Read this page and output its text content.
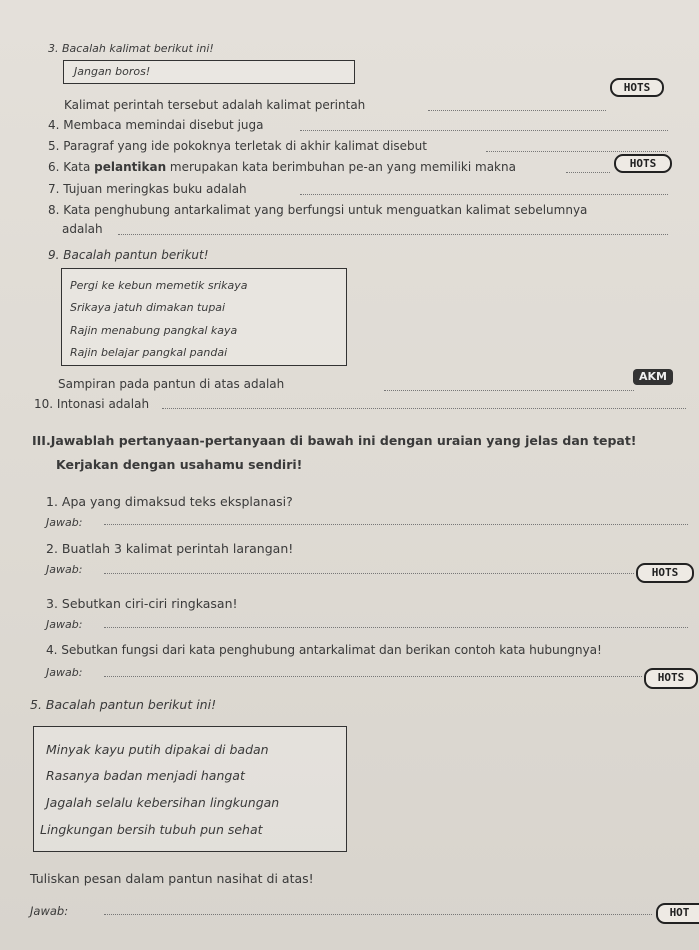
3. Bacalah kalimat berikut ini!
Jangan boros!
HOTS
Kalimat perintah tersebut adalah kalimat perintah
4. Membaca memindai disebut juga
5. Paragraf yang ide pokoknya terletak di akhir kalimat disebut
6. Kata pelantikan merupakan kata berimbuhan pe-an yang memiliki makna	HOTS
7. Tujuan meringkas buku adalah
8. Kata penghubung antarkalimat yang berfungsi untuk menguatkan kalimat sebelumnya
adalah
9. Bacalah pantun berikut!
Pergi ke kebun memetik srikaya
Srikaya jatuh dimakan tupai
Rajin menabung pangkal kaya
Rajin belajar pangkal pandai
AKM
Sampiran pada pantun di atas adalah
10. Intonasi adalah
III.Jawablah pertanyaan-pertanyaan di bawah ini dengan uraian yang jelas dan tepat!
Kerjakan dengan usahamu sendiri!
1. Apa yang dimaksud teks eksplanasi?
Jawab:
2. Buatlah 3 kalimat perintah larangan!
Jawab:	HOTS
3. Sebutkan ciri-ciri ringkasan!
Jawab:
4. Sebutkan fungsi dari kata penghubung antarkalimat dan berikan contoh kata hubungnya!
Jawab:	HOTS
5. Bacalah pantun berikut ini!
Minyak kayu putih dipakai di badan
Rasanya badan menjadi hangat
Jagalah selalu kebersihan lingkungan
Lingkungan bersih tubuh pun sehat
Tuliskan pesan dalam pantun nasihat di atas!
Jawab:	HOT
